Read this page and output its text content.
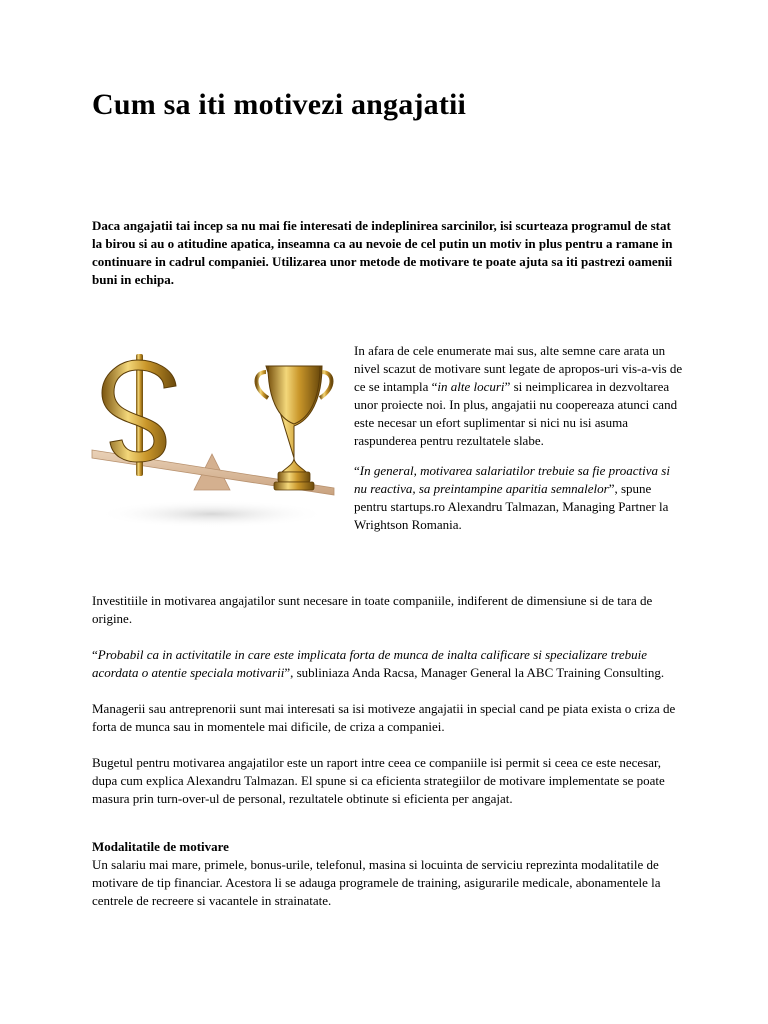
Cum sa iti motivezi angajatii

Daca angajatii tai incep sa nu mai fie interesati de indeplinirea sarcinilor, isi scurteaza programul de stat la birou si au o atitudine apatica, inseamna ca au nevoie de cel putin un motiv in plus pentru a ramane in continuare in cadrul companiei. Utilizarea unor metode de motivare te poate ajuta sa iti pastrezi oamenii buni in echipa.

In afara de cele enumerate mai sus, alte semne care arata un nivel scazut de motivare sunt legate de apropos-uri vis-a-vis de ce se intampla “in alte locuri” si neimplicarea in dezvoltarea unor proiecte noi. In plus, angajatii nu coopereaza atunci cand este necesar un efort suplimentar si nici nu isi asuma raspunderea pentru rezultatele slabe.

“In general, motivarea salariatilor trebuie sa fie proactiva si nu reactiva, sa preintampine aparitia semnalelor”, spune pentru startups.ro Alexandru Talmazan, Managing Partner la Wrightson Romania.

Investitiile in motivarea angajatilor sunt necesare in toate companiile, indiferent de dimensiune si de tara de origine.

“Probabil ca in activitatile in care este implicata forta de munca de inalta calificare si specializare trebuie acordata o atentie speciala motivarii”, subliniaza Anda Racsa, Manager General la ABC Training Consulting.

Managerii sau antreprenorii sunt mai interesati sa isi motiveze angajatii in special cand pe piata exista o criza de forta de munca sau in momentele mai dificile, de criza a companiei.

Bugetul pentru motivarea angajatilor este un raport intre ceea ce companiile isi permit si ceea ce este necesar, dupa cum explica Alexandru Talmazan. El spune si ca eficienta strategiilor de motivare implementate se poate masura prin turn-over-ul de personal, rezultatele obtinute si eficienta per angajat.

Modalitatile de motivare
Un salariu mai mare, primele, bonus-urile, telefonul, masina si locuinta de serviciu reprezinta modalitatile de motivare de tip financiar. Acestora li se adauga programele de training, asigurarile medicale, abonamentele la centrele de recreere si vacantele in strainatate.
